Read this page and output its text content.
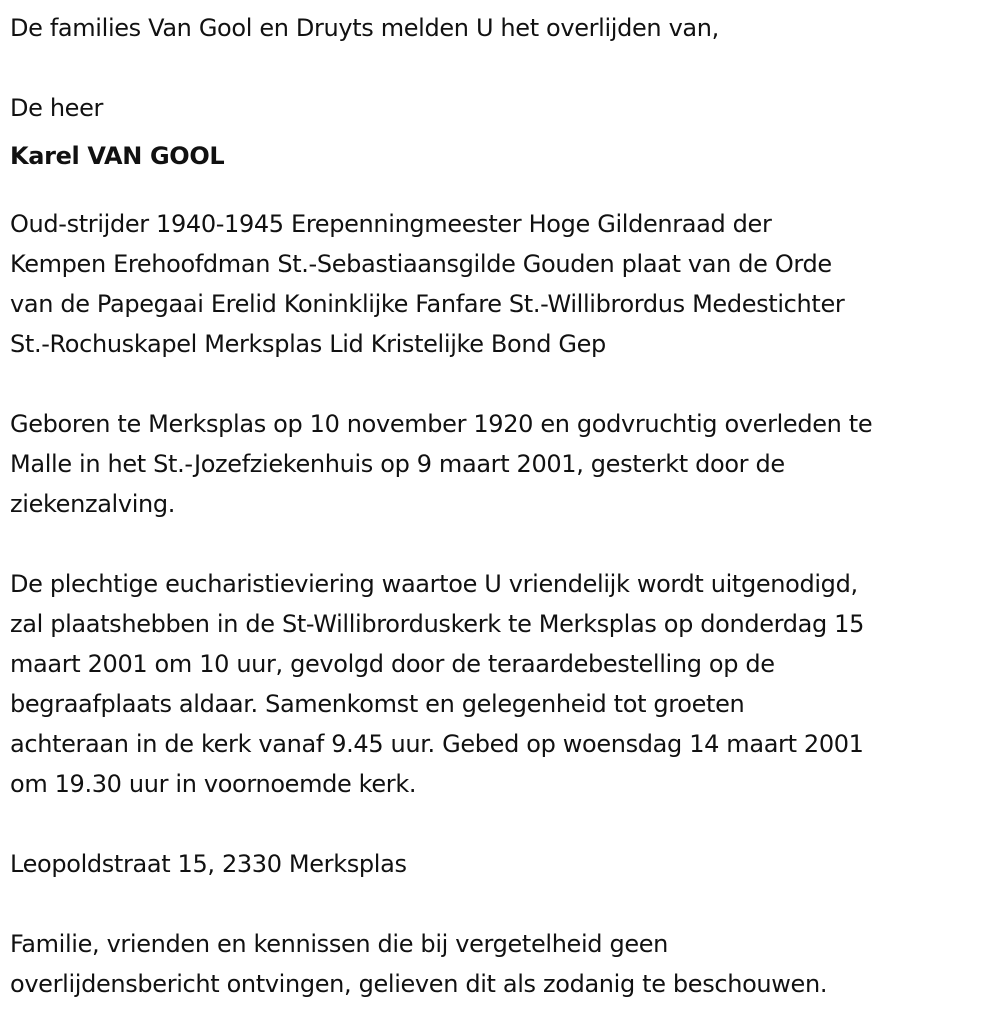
De families Van Gool en Druyts melden U het overlijden van,
De heer
Karel VAN GOOL
Oud-strijder 1940-1945 Erepenningmeester Hoge Gildenraad der
Kempen Erehoofdman St.-Sebastiaansgilde Gouden plaat van de Orde
van de Papegaai Erelid Koninklijke Fanfare St.-Willibrordus Medestichter
St.-Rochuskapel Merksplas Lid Kristelijke Bond Gep
Geboren te Merksplas op 10 november 1920 en godvruchtig overleden te
Malle in het St.-Jozefziekenhuis op 9 maart 2001, gesterkt door de
ziekenzalving.
De plechtige eucharistieviering waartoe U vriendelijk wordt uitgenodigd,
zal plaatshebben in de St-Willibrorduskerk te Merksplas op donderdag 15
maart 2001 om 10 uur, gevolgd door de teraardebestelling op de
begraafplaats aldaar. Samenkomst en gelegenheid tot groeten
achteraan in de kerk vanaf 9.45 uur. Gebed op woensdag 14 maart 2001
om 19.30 uur in voornoemde kerk.
Leopoldstraat 15, 2330 Merksplas
Familie, vrienden en kennissen die bij vergetelheid geen
overlijdensbericht ontvingen, gelieven dit als zodanig te beschouwen.
